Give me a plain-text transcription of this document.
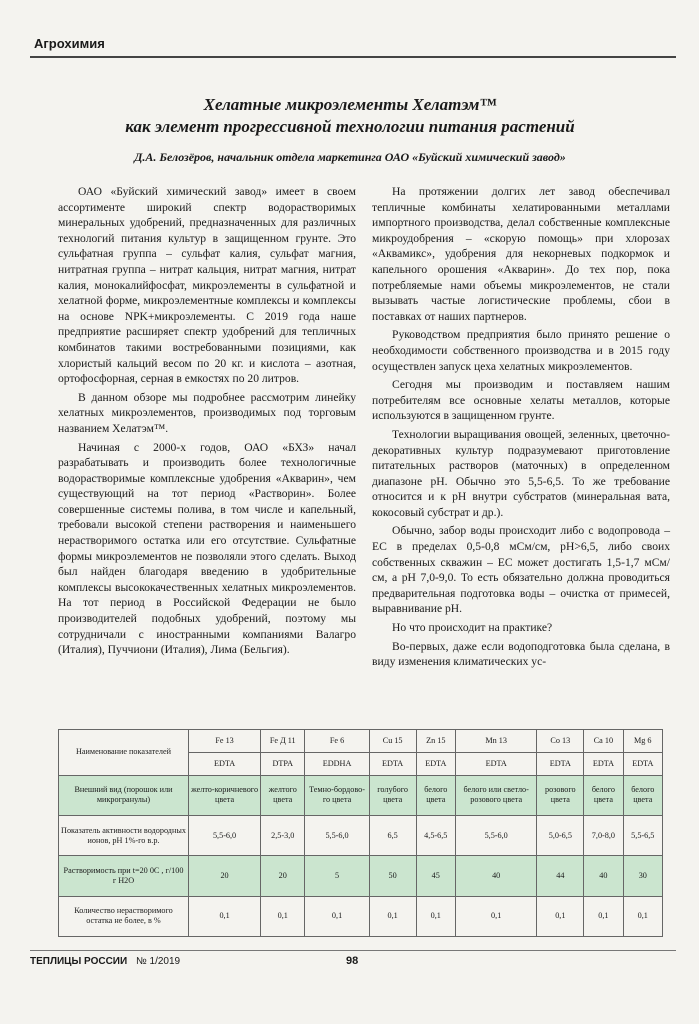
Агрохимия
Хелатные микроэлементы Хелатэм™
как элемент прогрессивной технологии питания растений
Д.А. Белозёров, начальник отдела маркетинга ОАО «Буйский химический завод»

ОАО «Буйский химический завод» имеет в своем ассортименте широкий спектр водорастворимых минеральных удобрений, предназначенных для различных технологий питания культур в защищенном грунте. Это сульфатная группа – сульфат калия, сульфат магния, нитратная группа – нитрат кальция, нитрат магния, нитрат калия, монокалийфосфат, микроэлементы в сульфатной и хелатной форме, микроэлементные комплексы и комплексы на основе NPK+микроэлементы. С 2019 года наше предприятие расширяет спектр удобрений для тепличных комбинатов такими востребованными позициями, как хлористый кальций весом по 20 кг. и кислота – азотная, ортофосфорная, серная в емкостях по 20 литров.

В данном обзоре мы подробнее рассмотрим линейку хелатных микроэлементов, производимых под торговым названием Хелатэм™.

Начиная с 2000-х годов, ОАО «БХЗ» начал разрабатывать и производить более технологичные водорастворимые комплексные удобрения «Акварин», чем существующий на тот период «Растворин». Более совершенные системы полива, в том числе и капельный, требовали высокой степени растворения и наименьшего нерастворимого остатка или его отсутствие. Сульфатные формы микроэлементов не позволяли этого сделать. Выход был найден благодаря введению в удобрительные комплексы высококачественных хелатных микроэлементов. На тот период в Российской Федерации не было производителей подобных удобрений, поэтому мы сотрудничали с иностранными компаниями Валагро (Италия), Пуччиони (Италия), Лима (Бельгия).

На протяжении долгих лет завод обеспечивал тепличные комбинаты хелатированными металлами импортного производства, делал собственные комплексные микроудобрения – «скорую помощь» при хлорозах «Аквамикс», удобрения для некорневых подкормок и капельного орошения «Акварин». До тех пор, пока потребляемые нами объемы микроэлементов, не стали вызывать частые логистические проблемы, сбои в поставках от наших партнеров.

Руководством предприятия было принято решение о необходимости собственного производства и в 2015 году осуществлен запуск цеха хелатных микроэлементов.

Сегодня мы производим и поставляем нашим потребителям все основные хелаты металлов, которые используются в защищенном грунте.

Технологии выращивания овощей, зеленных, цветочно-декоративных культур подразумевают приготовление питательных растворов (маточных) в определенном диапазоне pH. Обычно это 5,5-6,5. То же требование относится и к pH внутри субстратов (минеральная вата, кокосовый субстрат и др.).

Обычно, забор воды происходит либо с водопровода – EC в пределах 0,5-0,8 мСм/см, pH>6,5, либо своих собственных скважин – EC может достигать 1,5-1,7 мСм/см, а pH 7,0-9,0. То есть обязательно должна проводиться предварительная подготовка воды – очистка от примесей, выравнивание pH.

Но что происходит на практике?

Во-первых, даже если водоподготовка была сделана, в виду изменения климатических ус-

Наименование показателей	Fe 13	Fe Д 11	Fe 6	Cu 15	Zn 15	Mn 13	Co 13	Ca 10	Mg 6
	EDTA	DTPA	EDDHA	EDTA	EDTA	EDTA	EDTA	EDTA	EDTA
Внешний вид (порошок или микрогранулы)	желто-коричневого цвета	желтого цвета	Темно-бордово-го цвета	голубого цвета	белого цвета	белого или светло-розового цвета	розового цвета	белого цвета	белого цвета
Показатель активности водородных ионов, pH 1%-го в.р.	5,5-6,0	2,5-3,0	5,5-6,0	6,5	4,5-6,5	5,5-6,0	5,0-6,5	7,0-8,0	5,5-6,5
Растворимость при t=20 0С , г/100 г H2O	20	20	5	50	45	40	44	40	30
Количество нерастворимого остатка не более, в %	0,1	0,1	0,1	0,1	0,1	0,1	0,1	0,1	0,1
ТЕПЛИЦЫ РОССИИ № 1/2019	98
